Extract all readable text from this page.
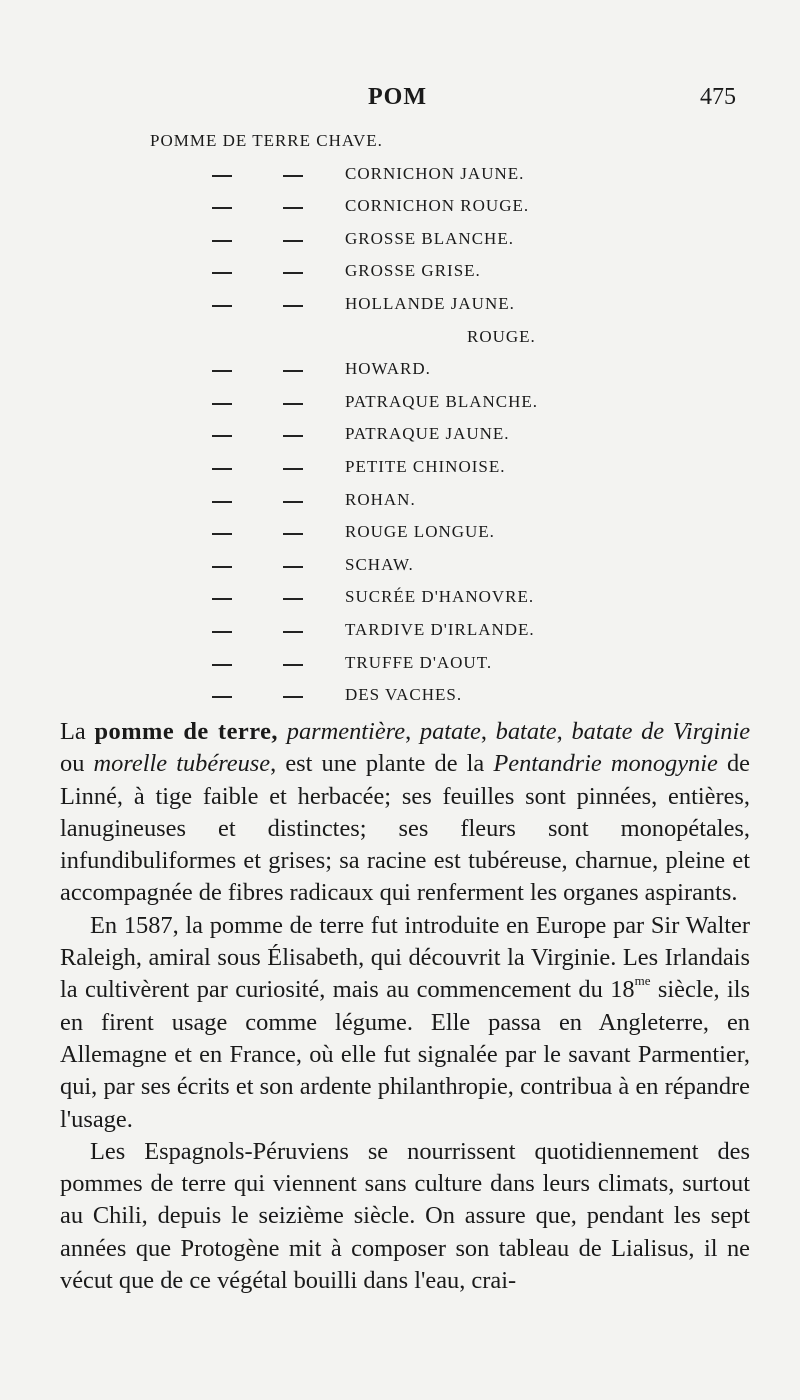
POM	475
POMME DE TERRE CHAVE.
CORNICHON JAUNE.
CORNICHON ROUGE.
GROSSE BLANCHE.
GROSSE GRISE.
HOLLANDE JAUNE.
ROUGE.
HOWARD.
PATRAQUE BLANCHE.
PATRAQUE JAUNE.
PETITE CHINOISE.
ROHAN.
ROUGE LONGUE.
SCHAW.
SUCRÉE D'HANOVRE.
TARDIVE D'IRLANDE.
TRUFFE D'AOUT.
DES VACHES.

La pomme de terre, parmentière, patate, batate, batate de Virginie ou morelle tubéreuse, est une plante de la Pentandrie monogynie de Linné, à tige faible et herbacée; ses feuilles sont pinnées, entières, lanugineuses et distinctes; ses fleurs sont monopétales, infundibuliformes et grises; sa racine est tubéreuse, charnue, pleine et accompagnée de fibres radicaux qui renferment les organes aspirants.

En 1587, la pomme de terre fut introduite en Europe par Sir Walter Raleigh, amiral sous Élisabeth, qui découvrit la Virginie. Les Irlandais la cultivèrent par curiosité, mais au commencement du $18^{me}$ siècle, ils en firent usage comme légume. Elle passa en Angleterre, en Allemagne et en France, où elle fut signalée par le savant Parmentier, qui, par ses écrits et son ardente philanthropie, contribua à en répandre l'usage.

Les Espagnols-Péruviens se nourrissent quotidiennement des pommes de terre qui viennent sans culture dans leurs climats, surtout au Chili, depuis le seizième siècle. On assure que, pendant les sept années que Protogène mit à composer son tableau de Lialisus, il ne vécut que de ce végétal bouilli dans l'eau, crai-
